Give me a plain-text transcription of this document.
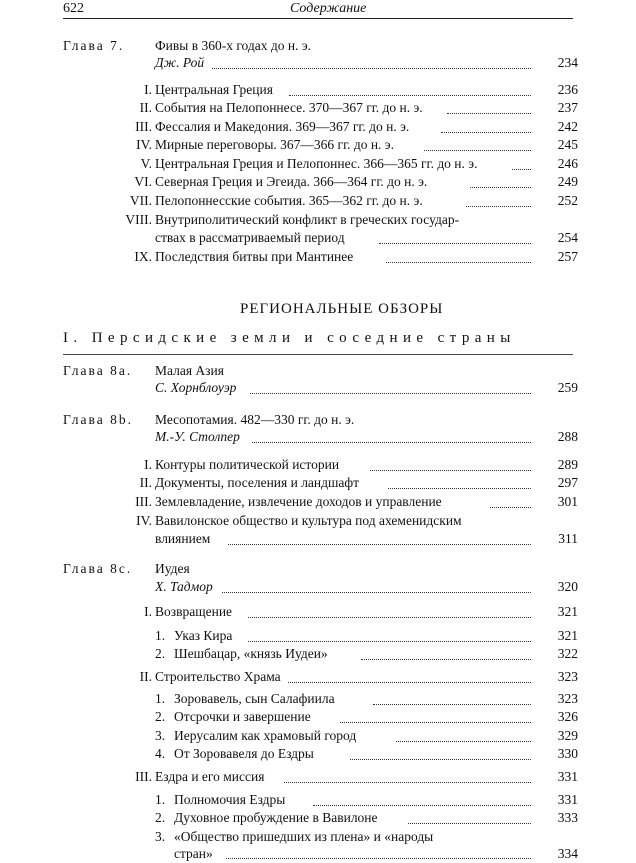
622	Содержание
Глава 7. Фивы в 360-х годах до н. э.
Дж. Рой	234
I. Центральная Греция	236
II. События на Пелопоннесе. 370—367 гг. до н. э.	237
III. Фессалия и Македония. 369—367 гг. до н. э.	242
IV. Мирные переговоры. 367—366 гг. до н. э.	245
V. Центральная Греция и Пелопоннес. 366—365 гг. до н. э.	246
VI. Северная Греция и Эгеида. 366—364 гг. до н. э.	249
VII. Пелопоннесские события. 365—362 гг. до н. э.	252
VIII. Внутриполитический конфликт в греческих государ-
ствах в рассматриваемый период	254
IX. Последствия битвы при Мантинее	257
РЕГИОНАЛЬНЫЕ ОБЗОРЫ
I. Персидские земли и соседние страны
Глава 8а. Малая Азия
С. Хорнблоуэр	259
Глава 8b. Месопотамия. 482—330 гг. до н. э.
М.-У. Столпер	288
I. Контуры политической истории	289
II. Документы, поселения и ландшафт	297
III. Землевладение, извлечение доходов и управление	301
IV. Вавилонское общество и культура под ахеменидским
влиянием	311
Глава 8с. Иудея
Х. Тадмор	320
I. Возвращение	321
1. Указ Кира	321
2. Шешбацар, «князь Иудеи»	322
II. Строительство Храма	323
1. Зоровавель, сын Салафиила	323
2. Отсрочки и завершение	326
3. Иерусалим как храмовый город	329
4. От Зоровавеля до Ездры	330
III. Ездра и его миссия	331
1. Полномочия Ездры	331
2. Духовное пробуждение в Вавилоне	333
3. «Общество пришедших из плена» и «народы
стран»	334
